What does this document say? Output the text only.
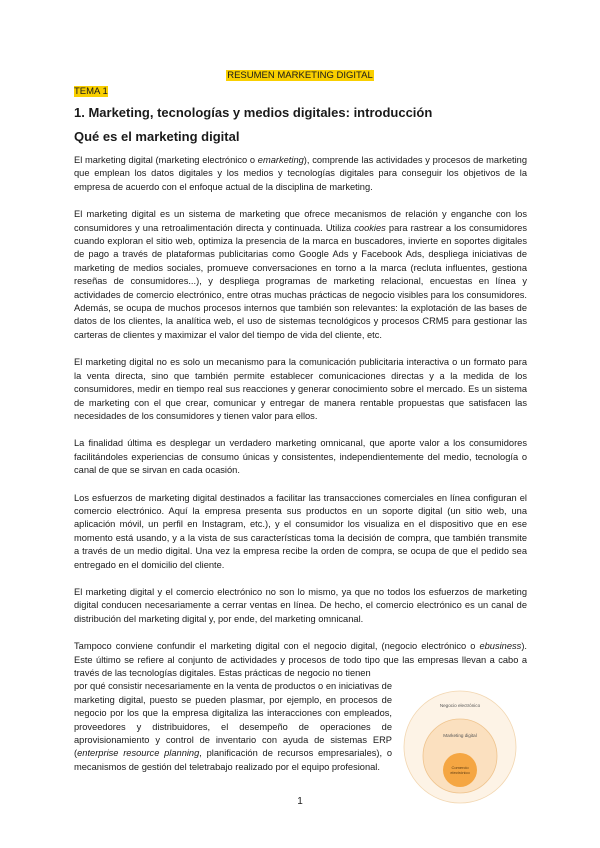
RESUMEN MARKETING DIGITAL
TEMA 1
1. Marketing, tecnologías y medios digitales: introducción
Qué es el marketing digital

El marketing digital (marketing electrónico o emarketing), comprende las actividades y procesos de marketing que emplean los datos digitales y los medios y tecnologías digitales para conseguir los objetivos de la empresa de acuerdo con el enfoque actual de la disciplina de marketing.

El marketing digital es un sistema de marketing que ofrece mecanismos de relación y enganche con los consumidores y una retroalimentación directa y continuada. Utiliza cookies para rastrear a los consumidores cuando exploran el sitio web, optimiza la presencia de la marca en buscadores, invierte en soportes digitales de pago a través de plataformas publicitarias como Google Ads y Facebook Ads, despliega iniciativas de marketing de medios sociales, promueve conversaciones en torno a la marca (recluta influentes, gestiona reseñas de consumidores...), y despliega programas de marketing relacional, encuestas en línea y actividades de comercio electrónico, entre otras muchas prácticas de negocio visibles para los consumidores. Además, se ocupa de muchos procesos internos que también son relevantes: la explotación de las bases de datos de los clientes, la analítica web, el uso de sistemas tecnológicos y procesos CRM5 para gestionar las carteras de clientes y maximizar el valor del tiempo de vida del cliente, etc.

El marketing digital no es solo un mecanismo para la comunicación publicitaria interactiva o un formato para la venta directa, sino que también permite establecer comunicaciones directas y a la medida de los consumidores, medir en tiempo real sus reacciones y generar conocimiento sobre el mercado. Es un sistema de marketing con el que crear, comunicar y entregar de manera rentable propuestas que satisfacen las necesidades de los consumidores y tienen valor para ellos.

La finalidad última es desplegar un verdadero marketing omnicanal, que aporte valor a los consumidores facilitándoles experiencias de consumo únicas y consistentes, independientemente del medio, tecnología o canal de que se sirvan en cada ocasión.

Los esfuerzos de marketing digital destinados a facilitar las transacciones comerciales en línea configuran el comercio electrónico. Aquí la empresa presenta sus productos en un soporte digital (un sitio web, una aplicación móvil, un perfil en Instagram, etc.), y el consumidor los visualiza en el dispositivo que en ese momento está usando, y a la vista de sus características toma la decisión de compra, que también transmite a través de un medio digital. Una vez la empresa recibe la orden de compra, se ocupa de que el pedido sea entregado en el domicilio del cliente.

El marketing digital y el comercio electrónico no son lo mismo, ya que no todos los esfuerzos de marketing digital conducen necesariamente a cerrar ventas en línea. De hecho, el comercio electrónico es un canal de distribución del marketing digital y, por ende, del marketing omnicanal.

Tampoco conviene confundir el marketing digital con el negocio digital, (negocio electrónico o ebusiness). Este último se refiere al conjunto de actividades y procesos de todo tipo que las empresas llevan a cabo a través de las tecnologías digitales. Estas prácticas de negocio no tienen

por qué consistir necesariamente en la venta de productos o en iniciativas de marketing digital, puesto se pueden plasmar, por ejemplo, en procesos de negocio por los que la empresa digitaliza las interacciones con empleados, proveedores y distribuidores, el desempeño de operaciones de aprovisionamiento y control de inventario con ayuda de sistemas ERP (enterprise resource planning, planificación de recursos empresariales), o mecanismos de gestión del teletrabajo realizado por el equipo profesional.
Negocio electrónico
Marketing digital
Comercio
electrónico
1
